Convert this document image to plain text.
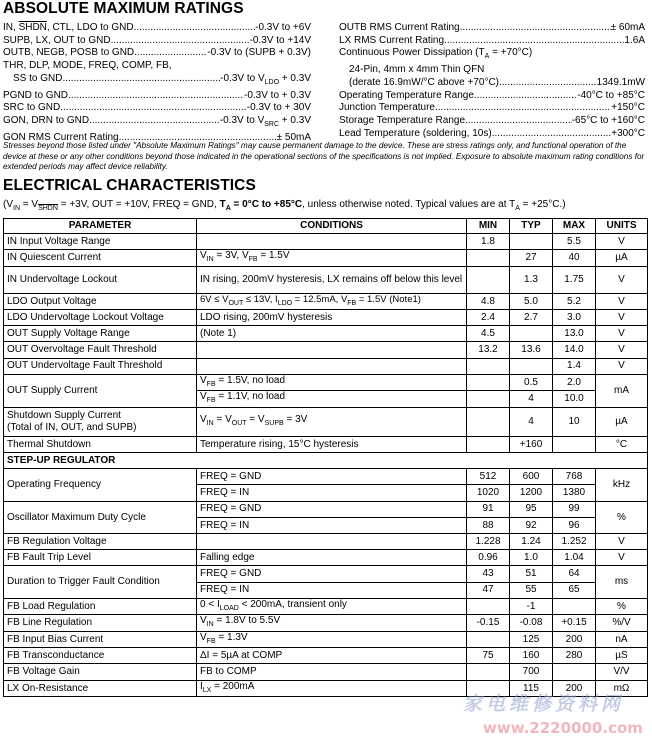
ABSOLUTE MAXIMUM RATINGS
IN, SHDN, CTL, LDO to GND .....	-0.3V to +6V
SUPB, LX, OUT to GND .....	-0.3V to +14V
OUTB, NEGB, POSB to GND .....	-0.3V to (SUPB + 0.3V)
THR, DLP, MODE, FREQ, COMP, FB,
SS to GND .....	-0.3V to $V_{LDO} + 0.3V$
PGND to GND .....	-0.3V to + 0.3V
SRC to GND .....	-0.3V to + 30V
GON, DRN to GND .....	-0.3V to $V_{SRC} + 0.3V$
GON RMS Current Rating .....	± 50mA
OUTB RMS Current Rating .....	± 60mA
LX RMS Current Rating .....	1.6A
Continuous Power Dissipation $(T_A = +70^\circ C)$
24-Pin, 4mm x 4mm Thin QFN
(derate 16.9mW/°C above +70°C) .....	1349.1mW
Operating Temperature Range .....	-40°C to +85°C
Junction Temperature .....	+150°C
Storage Temperature Range .....	-65°C to +160°C
Lead Temperature (soldering, 10s) .....	+300°C
Stresses beyond those listed under "Absolute Maximum Ratings" may cause permanent damage to the device. These are stress ratings only, and functional operation of the device at these or any other conditions beyond those indicated in the operational sections of the specifications is not implied. Exposure to absolute maximum rating conditions for extended periods may affect device reliability.
ELECTRICAL CHARACTERISTICS
($V_{IN} = V_{SHDN} = +3V$, OUT = +10V, FREQ = GND, $T_A = 0^\circ C$ to +85°C, unless otherwise noted. Typical values are at $T_A = +25^\circ C$.)
PARAMETER	CONDITIONS	MIN	TYP	MAX	UNITS
IN Input Voltage Range		1.8		5.5	V
IN Quiescent Current	$V_{IN} = 3V$, $V_{FB} = 1.5V$		27	40	µA
IN Undervoltage Lockout	IN rising, 200mV hysteresis, LX remains off below this level		1.3	1.75	V
LDO Output Voltage	$6V \le V_{OUT} \le 13V$, $I_{LDO} = 12.5mA$, $V_{FB} = 1.5V$ (Note1)	4.8	5.0	5.2	V
LDO Undervoltage Lockout Voltage	LDO rising, 200mV hysteresis	2.4	2.7	3.0	V
OUT Supply Voltage Range	(Note 1)	4.5		13.0	V
OUT Overvoltage Fault Threshold		13.2	13.6	14.0	V
OUT Undervoltage Fault Threshold				1.4	V
OUT Supply Current	$V_{FB} = 1.5V$, no load		0.5	2.0	mA
	$V_{FB} = 1.1V$, no load		4	10.0	
Shutdown Supply Current
(Total of IN, OUT, and SUPB)	$V_{IN} = V_{OUT} = V_{SUPB} = 3V$		4	10	µA
Thermal Shutdown	Temperature rising, 15°C hysteresis		+160		°C
STEP-UP REGULATOR					
Operating Frequency	FREQ = GND	512	600	768	kHz
	FREQ = IN	1020	1200	1380	
Oscillator Maximum Duty Cycle	FREQ = GND	91	95	99	%
	FREQ = IN	88	92	96	
FB Regulation Voltage		1.228	1.24	1.252	V
FB Fault Trip Level	Falling edge	0.96	1.0	1.04	V
Duration to Trigger Fault Condition	FREQ = GND	43	51	64	ms
	FREQ = IN	47	55	65	
FB Load Regulation	$0 < I_{LOAD} < 200mA$, transient only		-1		%
FB Line Regulation	$V_{IN} = 1.8V$ to 5.5V	-0.15	-0.08	+0.15	%/V
FB Input Bias Current	$V_{FB} = 1.3V$		125	200	nA
FB Transconductance	ΔI = 5µA at COMP	75	160	280	µS
FB Voltage Gain	FB to COMP		700		V/V
LX On-Resistance	$I_{LX} = 200mA$		115	200	mΩ
家电维修资料网
www.2220000.com
